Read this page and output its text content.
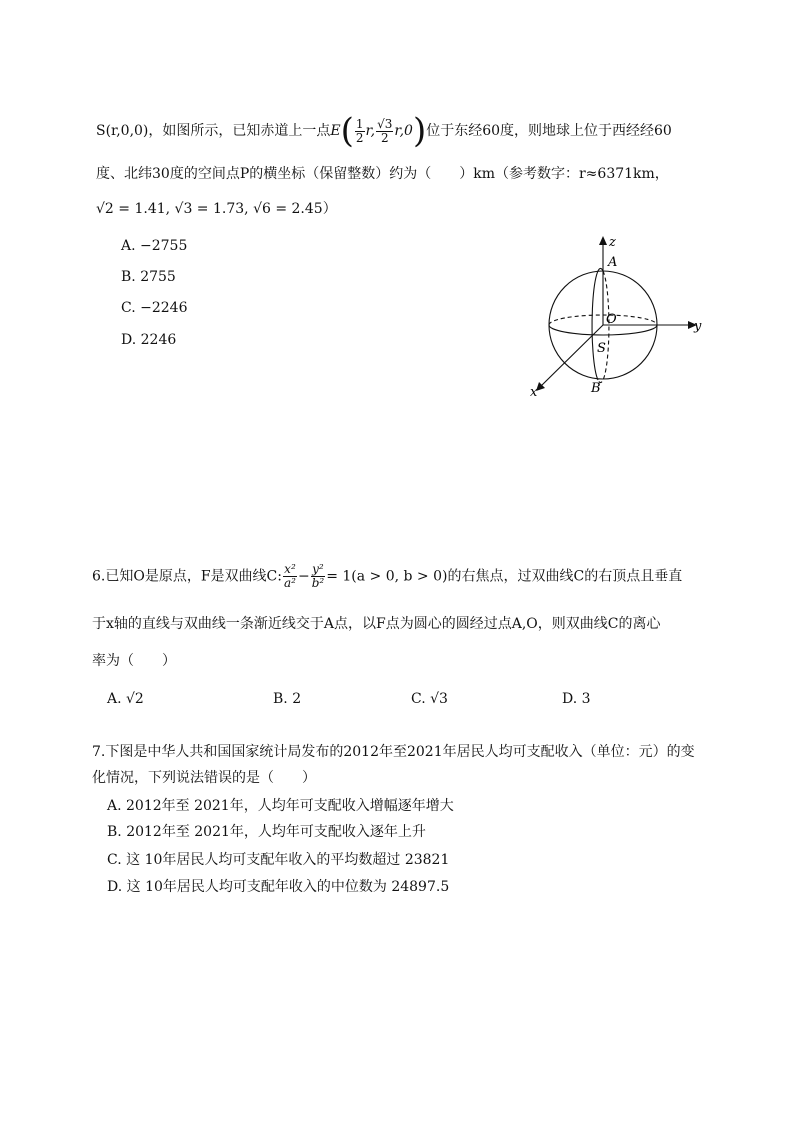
S(r,0,0)，如图所示，已知赤道上一点$E( \frac{1}{2} r$, $\frac{√3}{2} r,0$)位于东经60度，则地球上位于西经经60
度、北纬30度的空间点P的横坐标（保留整数）约为（　　）km（参考数字：r≈6371km，
√2 = 1.41, √3 = 1.73, √6 = 2.45）
A. −2755
B. 2755
C. −2246
D. 2246
z
y
x
A
O
S
B
6.已知O是原点，F是双曲线C: $\frac{\text{x²}}{\text{a²}} - \frac{\text{y²}}{\text{b²}} = 1(a > 0$, b > 0)的右焦点，过双曲线C的右顶点且垂直
于x轴的直线与双曲线一条渐近线交于A点，以F点为圆心的圆经过点A,O，则双曲线C的离心
率为（　　）
A. √2	B. 2	C. √3	D. 3
7.下图是中华人共和国国家统计局发布的2012年至2021年居民人均可支配收入（单位：元）的变
化情况，下列说法错误的是（　　）
A. 2012年至 2021年，人均年可支配收入增幅逐年增大
B. 2012年至 2021年，人均年可支配收入逐年上升
C. 这 10年居民人均可支配年收入的平均数超过 23821
D. 这 10年居民人均可支配年收入的中位数为 24897.5
